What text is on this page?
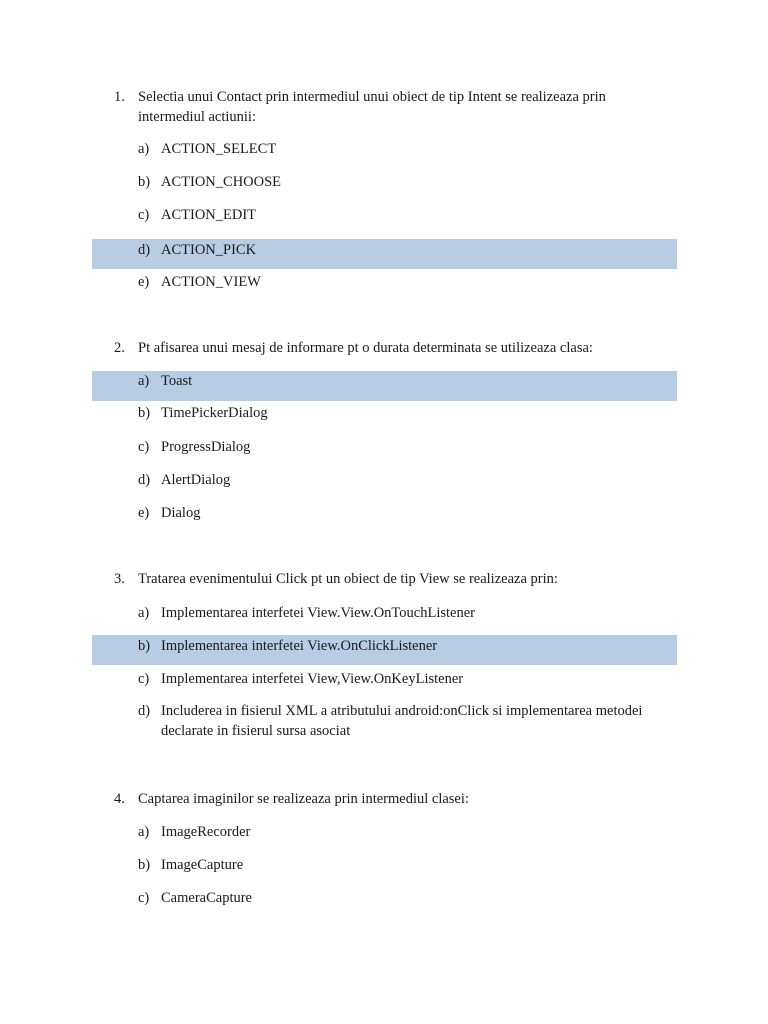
1. Selectia unui Contact prin intermediul unui obiect de tip Intent se realizeaza prin intermediul actiunii:
a) ACTION_SELECT
b) ACTION_CHOOSE
c) ACTION_EDIT
d) ACTION_PICK
e) ACTION_VIEW
2. Pt afisarea unui mesaj de informare pt o durata determinata se utilizeaza clasa:
a) Toast
b) TimePickerDialog
c) ProgressDialog
d) AlertDialog
e) Dialog
3. Tratarea evenimentului Click pt un obiect de tip View se realizeaza prin:
a) Implementarea interfetei View.View.OnTouchListener
b) Implementarea interfetei View.OnClickListener
c) Implementarea interfetei View,View.OnKeyListener
d) Includerea in fisierul XML a atributului android:onClick si implementarea metodei declarate in fisierul sursa asociat
4. Captarea imaginilor se realizeaza prin intermediul clasei:
a) ImageRecorder
b) ImageCapture
c) CameraCapture
